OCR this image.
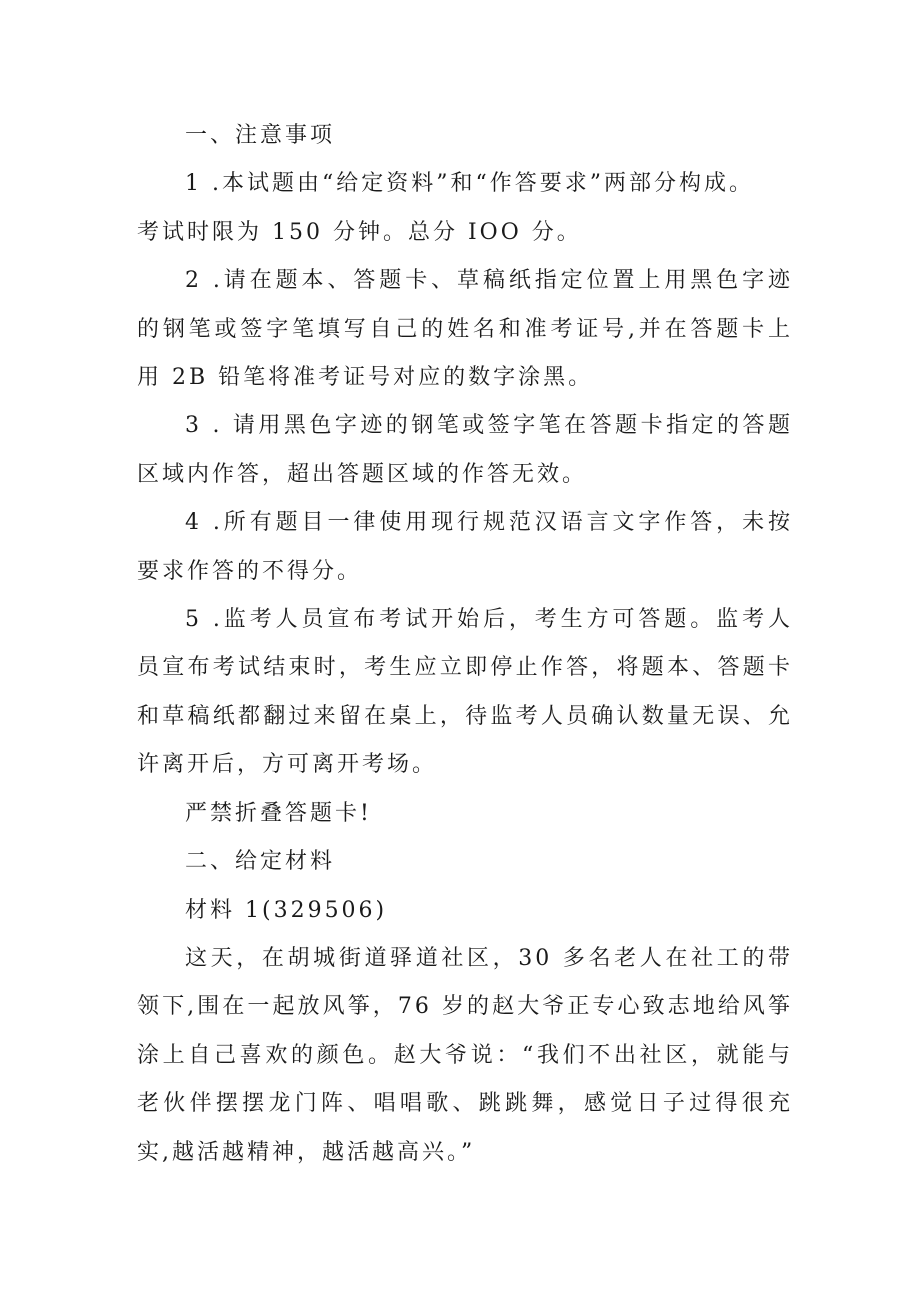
一、注意事项

1 .本试题由“给定资料”和“作答要求”两部分构成。

考试时限为 150 分钟。总分 IOO 分。

2 .请在题本、答题卡、草稿纸指定位置上用黑色字迹的钢笔或签字笔填写自己的姓名和准考证号,并在答题卡上用 2B 铅笔将准考证号对应的数字涂黑。

3 . 请用黑色字迹的钢笔或签字笔在答题卡指定的答题区域内作答，超出答题区域的作答无效。

4 .所有题目一律使用现行规范汉语言文字作答，未按要求作答的不得分。

5 .监考人员宣布考试开始后，考生方可答题。监考人员宣布考试结束时，考生应立即停止作答，将题本、答题卡和草稿纸都翻过来留在桌上，待监考人员确认数量无误、允许离开后，方可离开考场。

严禁折叠答题卡!

二、给定材料

材料 1(329506)

这天，在胡城街道驿道社区，30 多名老人在社工的带领下,围在一起放风筝，76 岁的赵大爷正专心致志地给风筝涂上自己喜欢的颜色。赵大爷说：“我们不出社区，就能与老伙伴摆摆龙门阵、唱唱歌、跳跳舞，感觉日子过得很充实,越活越精神，越活越高兴。”
